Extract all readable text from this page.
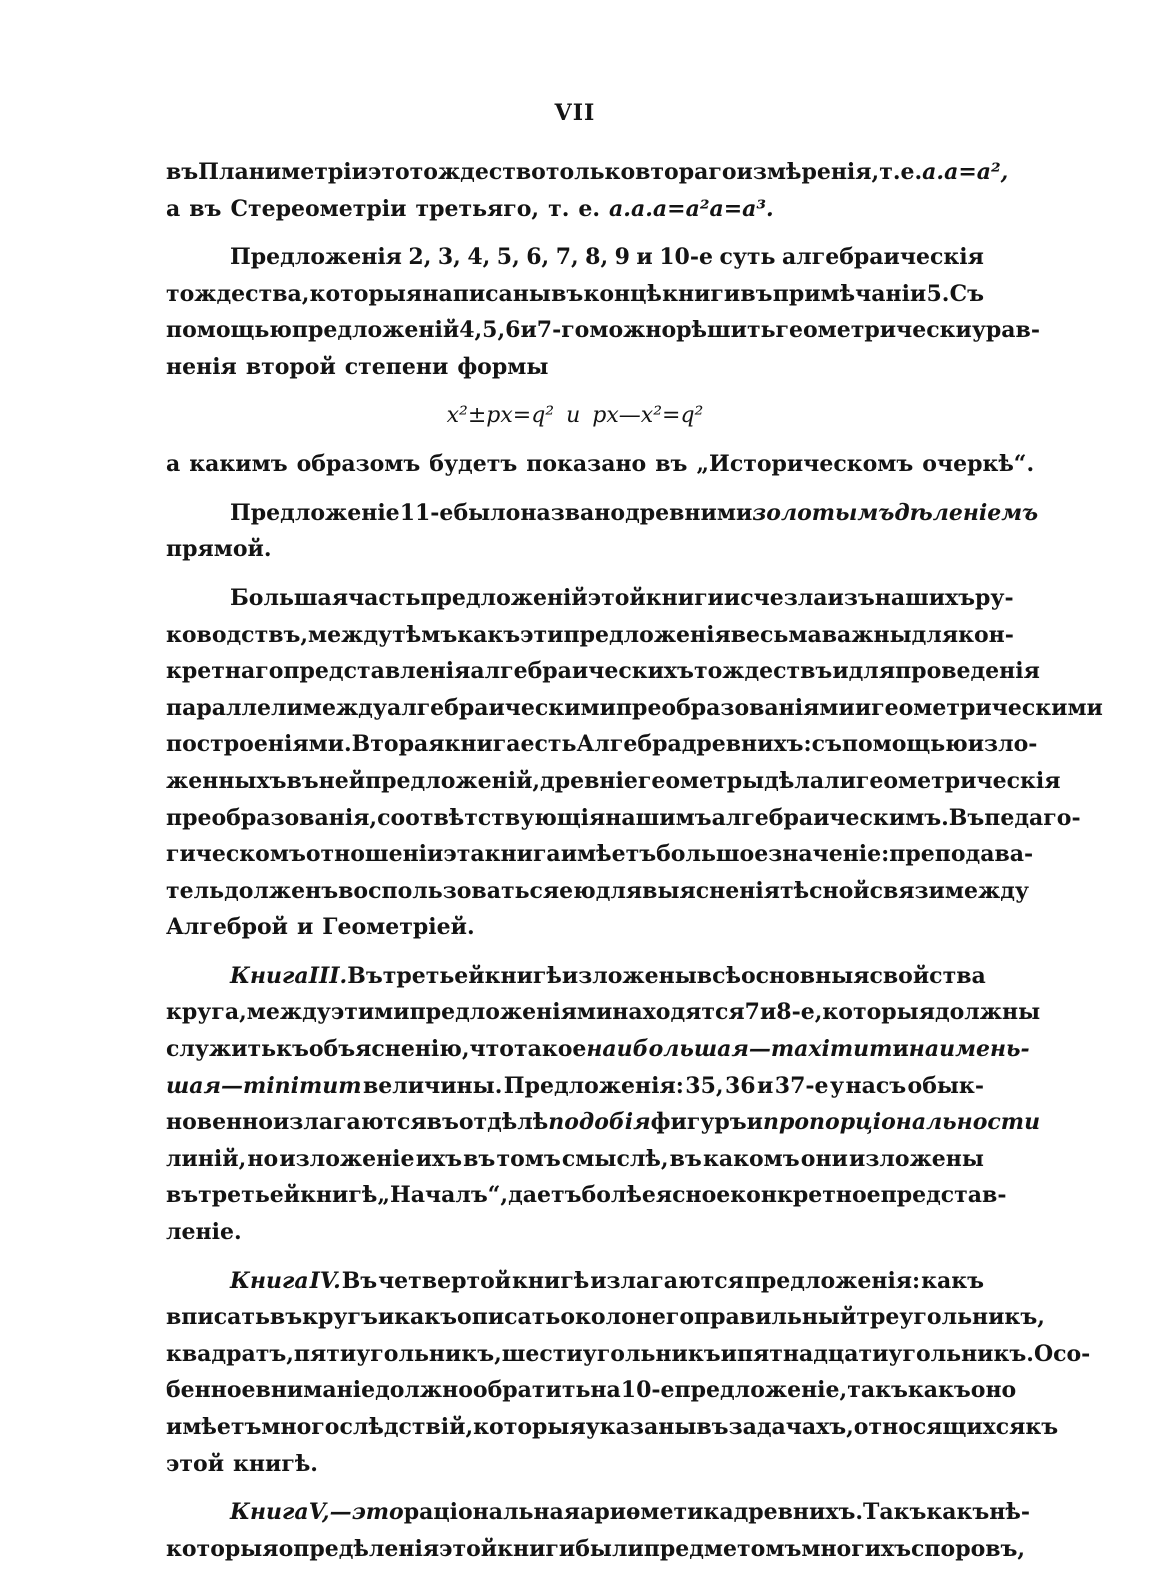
VII
въ Планиметріи это тождество только втораго измѣренія, т. е. a.a=a²,
а въ Стереометріи третьяго, т. е. a.a.a=a²a=a³.
Предложенія 2, 3, 4, 5, 6, 7, 8, 9 и 10-е суть алгебраическія
тождества, которыя написаны въ концѣ книги въ примѣчаніи 5. Съ
помощью предложеній 4, 5, 6 и 7-го можно рѣшить геометрически урав-
ненія второй степени формы
x²±px=q² и px—x²=q²
а какимъ образомъ будетъ показано въ „Историческомъ очеркѣ“.
Предложеніе 11-е было названо древними золотымъ дѣленіемъ
прямой.
Большая часть предложеній этой книги исчезла изъ нашихъ ру-
ководствъ, между тѣмъ какъ эти предложенія весьма важны для кон-
кретнаго представленія алгебраическихъ тождествъ и для проведенія
параллели между алгебраическими преобразованіями и геометрическими
построеніями. Вторая книга есть Алгебра древнихъ: съ помощью изло-
женныхъ въ ней предложеній, древніе геометры дѣлали геометрическія
преобразованія, соотвѣтствующія нашимъ алгебраическимъ. Въ педаго-
гическомъ отношеніи эта книга имѣетъ большое значеніе: преподава-
тель долженъ воспользоваться ею для выясненія тѣсной связи между
Алгеброй и Геометріей.
Книга III. Въ третьей книгѣ изложены всѣ основныя свойства
круга, между этими предложеніями находятся 7 и 8-е, которыя должны
служить къ объясненію, что такое наибольшая—maximum и наимень-
шая—minimum величины. Предложенія: 35, 36 и 37-е у насъ обык-
новенно излагаются въ отдѣлѣ подобія фигуръ и пропорціональности
линій, но изложеніе ихъ въ томъ смыслѣ, въ какомъ они изложены
въ третьей книгѣ „Началъ“, даетъ болѣе ясное конкретное представ-
леніе.
Книга IV. Въ четвертой книгѣ излагаются предложенія: какъ
вписать въ кругъ и какъ описать около него правильный треугольникъ,
квадратъ, пятиугольникъ, шестиугольникъ и пятнадцатиугольникъ. Осо-
бенное вниманіе должно обратить на 10-е предложеніе, такъ какъ оно
имѣетъ много слѣдствій, которыя указаны въ задачахъ, относящихся къ
этой книгѣ.
Книга V,—это раціональная ариѳметика древнихъ. Такъ какъ нѣ-
которыя опредѣленія этой книги были предметомъ многихъ споровъ,
